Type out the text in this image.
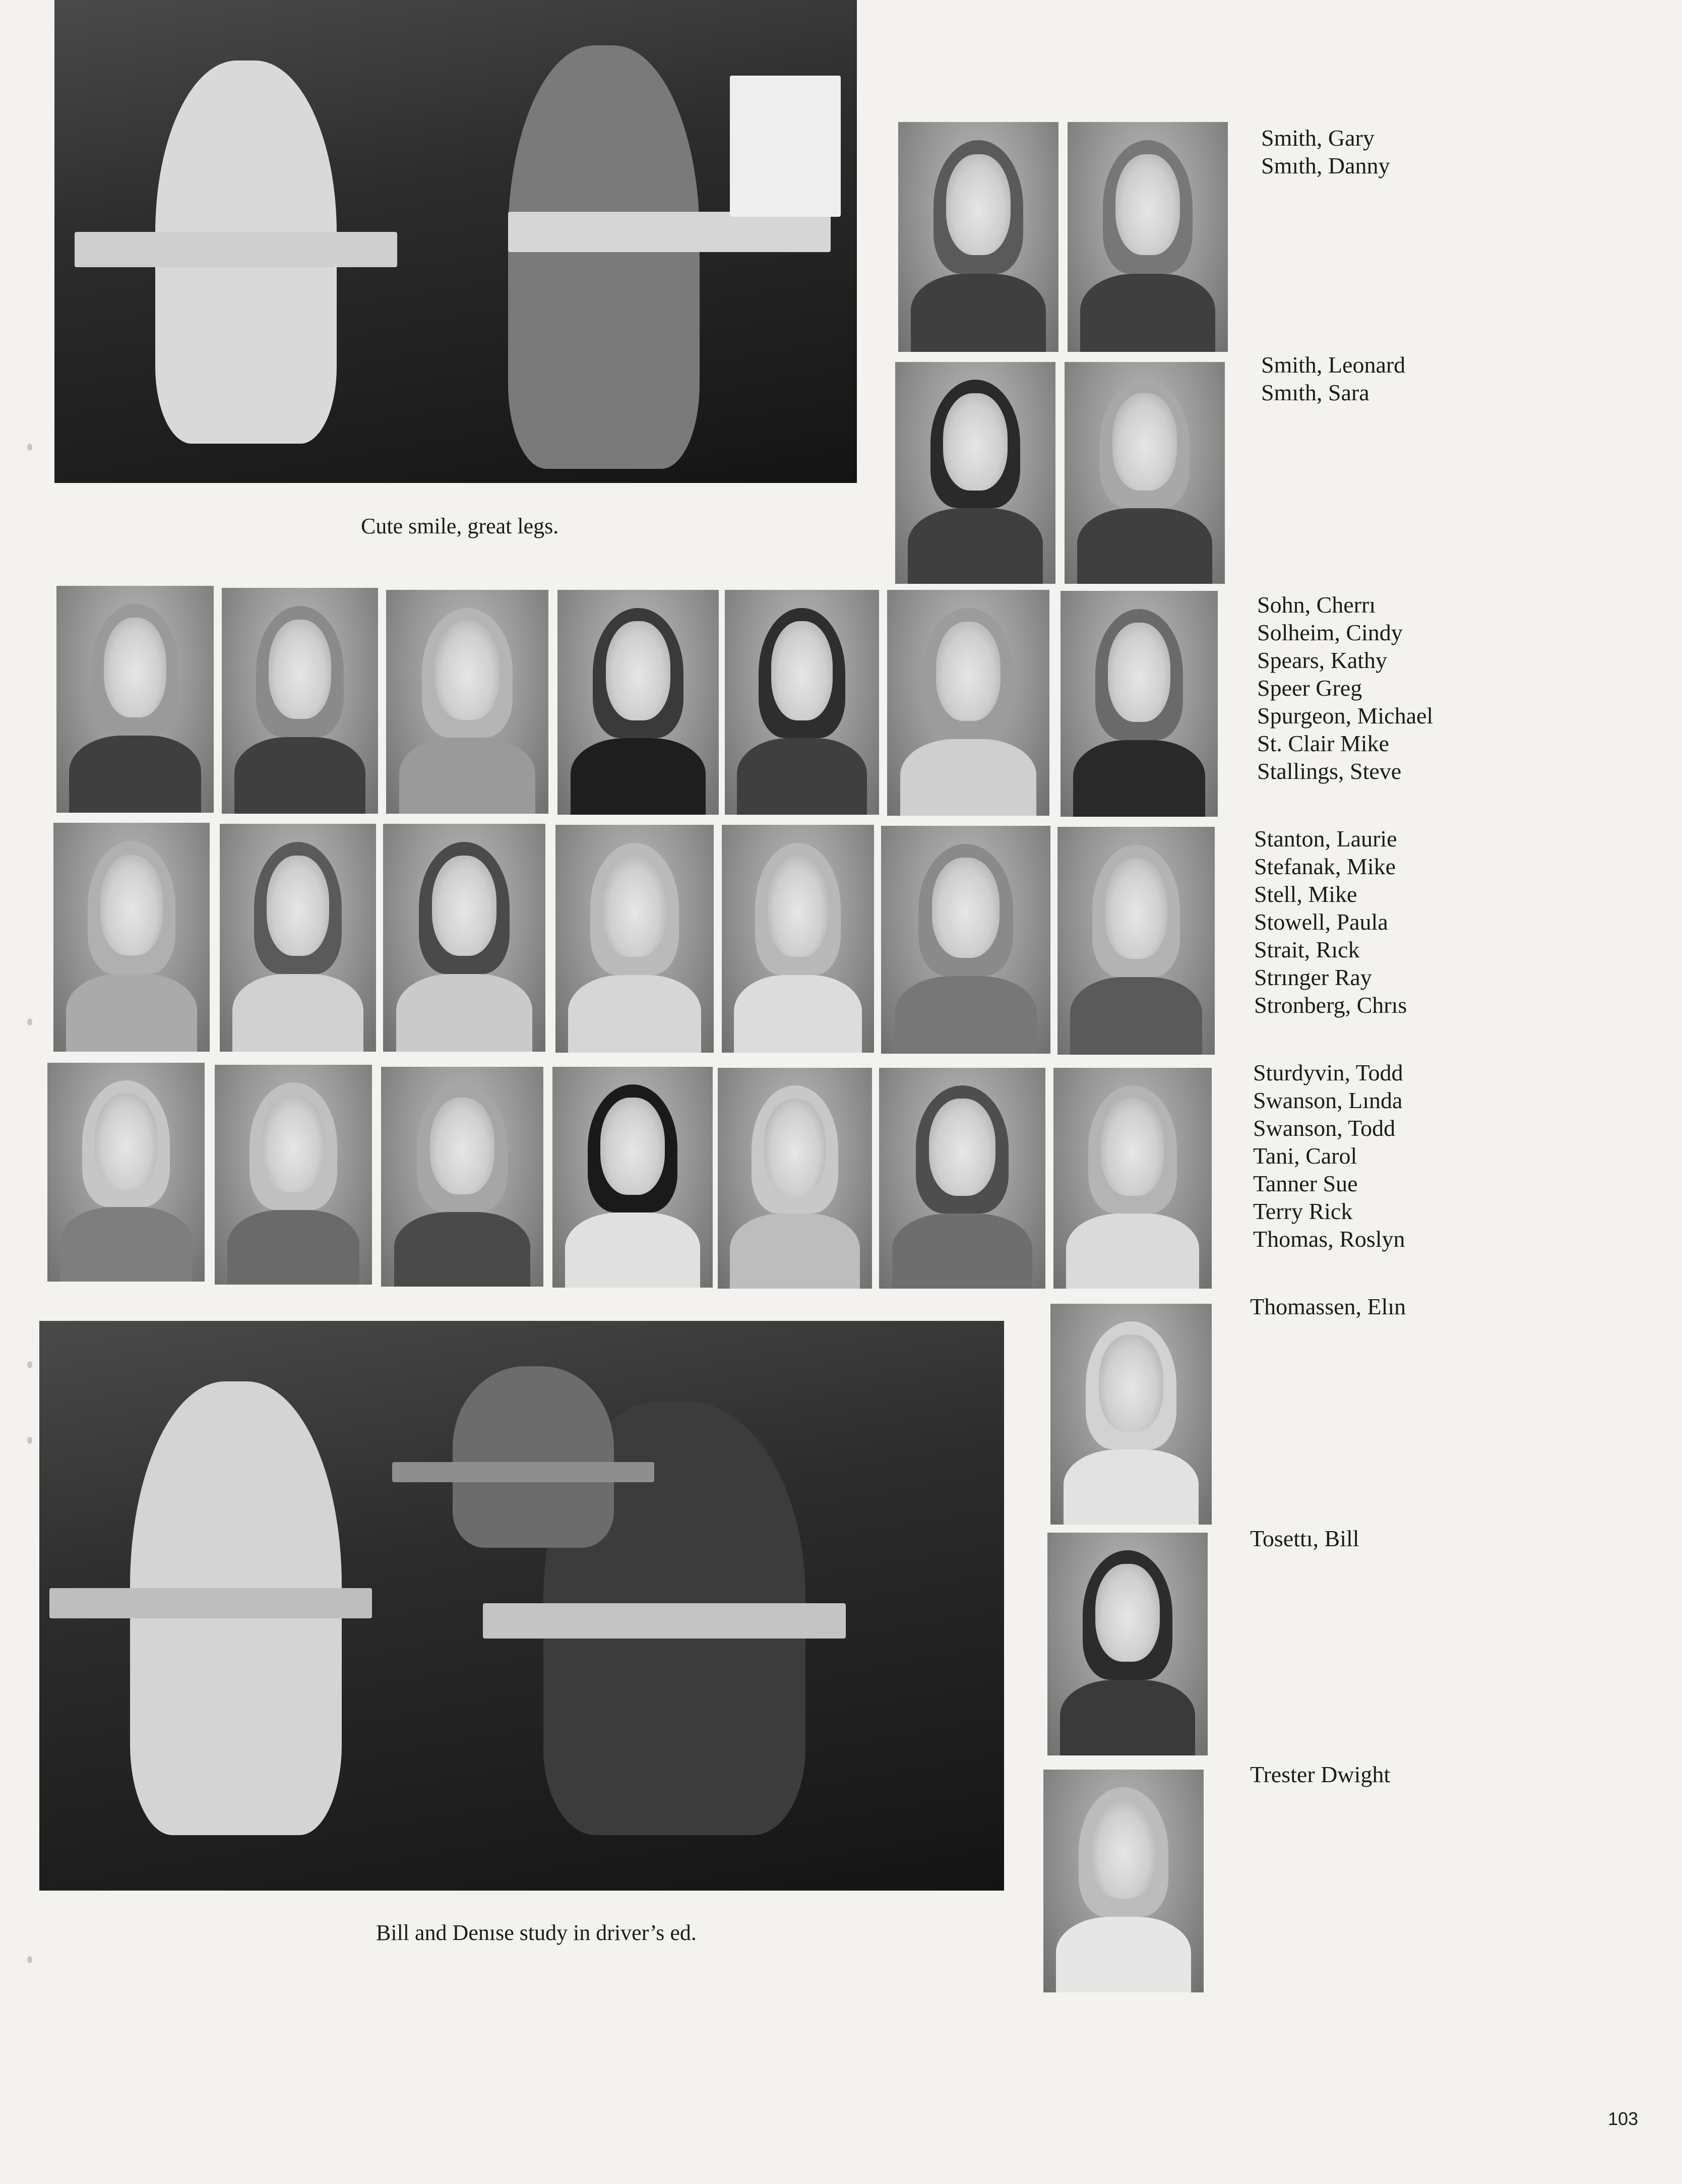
Cute smile, great legs.
Smith, Gary
Smıth, Danny
Smith, Leonard
Smıth, Sara
Sohn, Cherrı
Solheim, Cindy
Spears, Kathy
Speer Greg
Spurgeon, Michael
St. Clair Mike
Stallings, Steve
Stanton, Laurie
Stefanak, Mike
Stell, Mike
Stowell, Paula
Strait, Rıck
Strınger Ray
Stronberg, Chrıs
Sturdyvin, Todd
Swanson, Lında
Swanson, Todd
Tani, Carol
Tanner Sue
Terry Rick
Thomas, Roslyn
Bill and Denıse study in driver’s ed.
Thomassen, Elın
Tosettı, Bill
Trester Dwight
103
